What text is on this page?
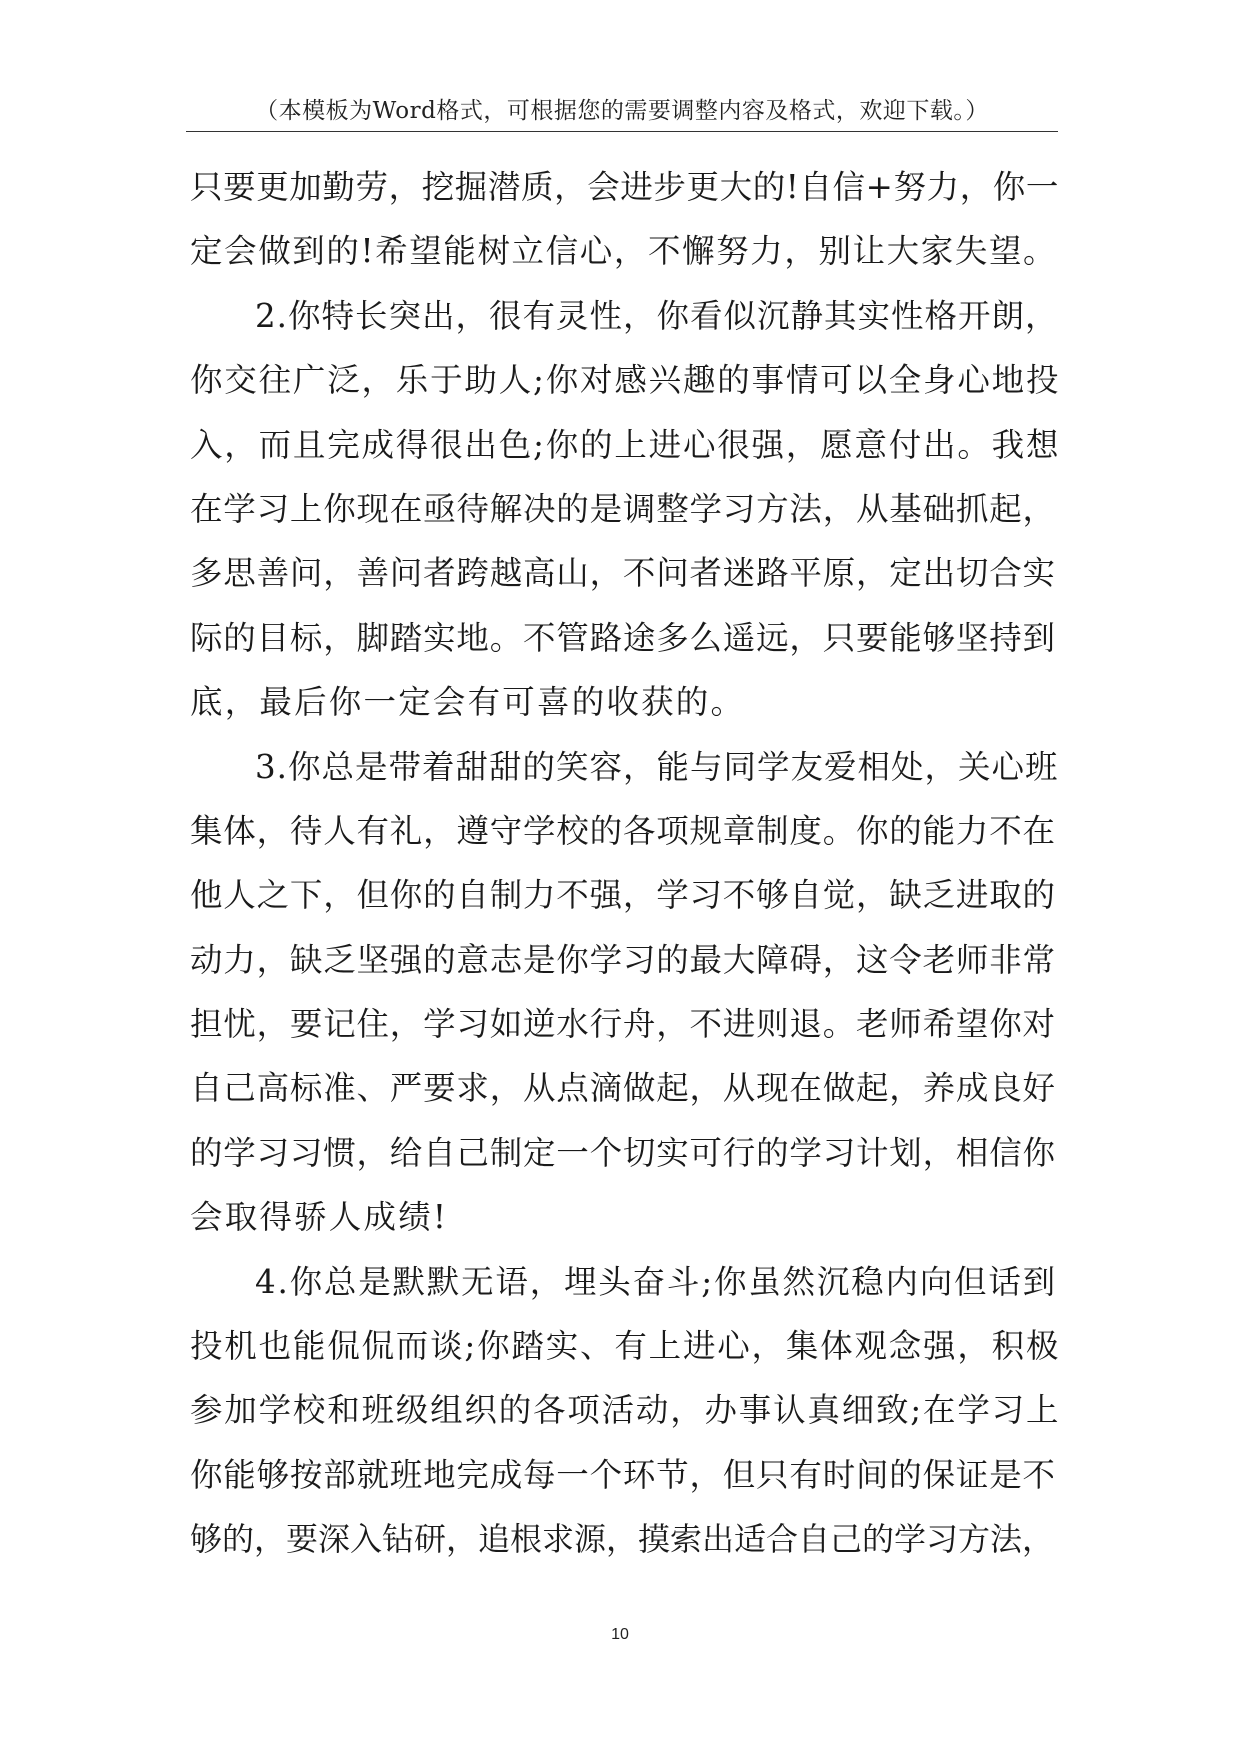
（本模板为Word格式，可根据您的需要调整内容及格式，欢迎下载。）
只要更加勤劳，挖掘潜质，会进步更大的!自信+努力，你一
定会做到的!希望能树立信心，不懈努力，别让大家失望。
2.你特长突出，很有灵性，你看似沉静其实性格开朗，
你交往广泛，乐于助人;你对感兴趣的事情可以全身心地投
入，而且完成得很出色;你的上进心很强，愿意付出。我想
在学习上你现在亟待解决的是调整学习方法，从基础抓起，
多思善问，善问者跨越高山，不问者迷路平原，定出切合实
际的目标，脚踏实地。不管路途多么遥远，只要能够坚持到
底，最后你一定会有可喜的收获的。
3.你总是带着甜甜的笑容，能与同学友爱相处，关心班
集体，待人有礼，遵守学校的各项规章制度。你的能力不在
他人之下，但你的自制力不强，学习不够自觉，缺乏进取的
动力，缺乏坚强的意志是你学习的最大障碍，这令老师非常
担忧，要记住，学习如逆水行舟，不进则退。老师希望你对
自己高标准、严要求，从点滴做起，从现在做起，养成良好
的学习习惯，给自己制定一个切实可行的学习计划，相信你
会取得骄人成绩!
4.你总是默默无语，埋头奋斗;你虽然沉稳内向但话到
投机也能侃侃而谈;你踏实、有上进心，集体观念强，积极
参加学校和班级组织的各项活动，办事认真细致;在学习上
你能够按部就班地完成每一个环节，但只有时间的保证是不
够的，要深入钻研，追根求源，摸索出适合自己的学习方法，
10
